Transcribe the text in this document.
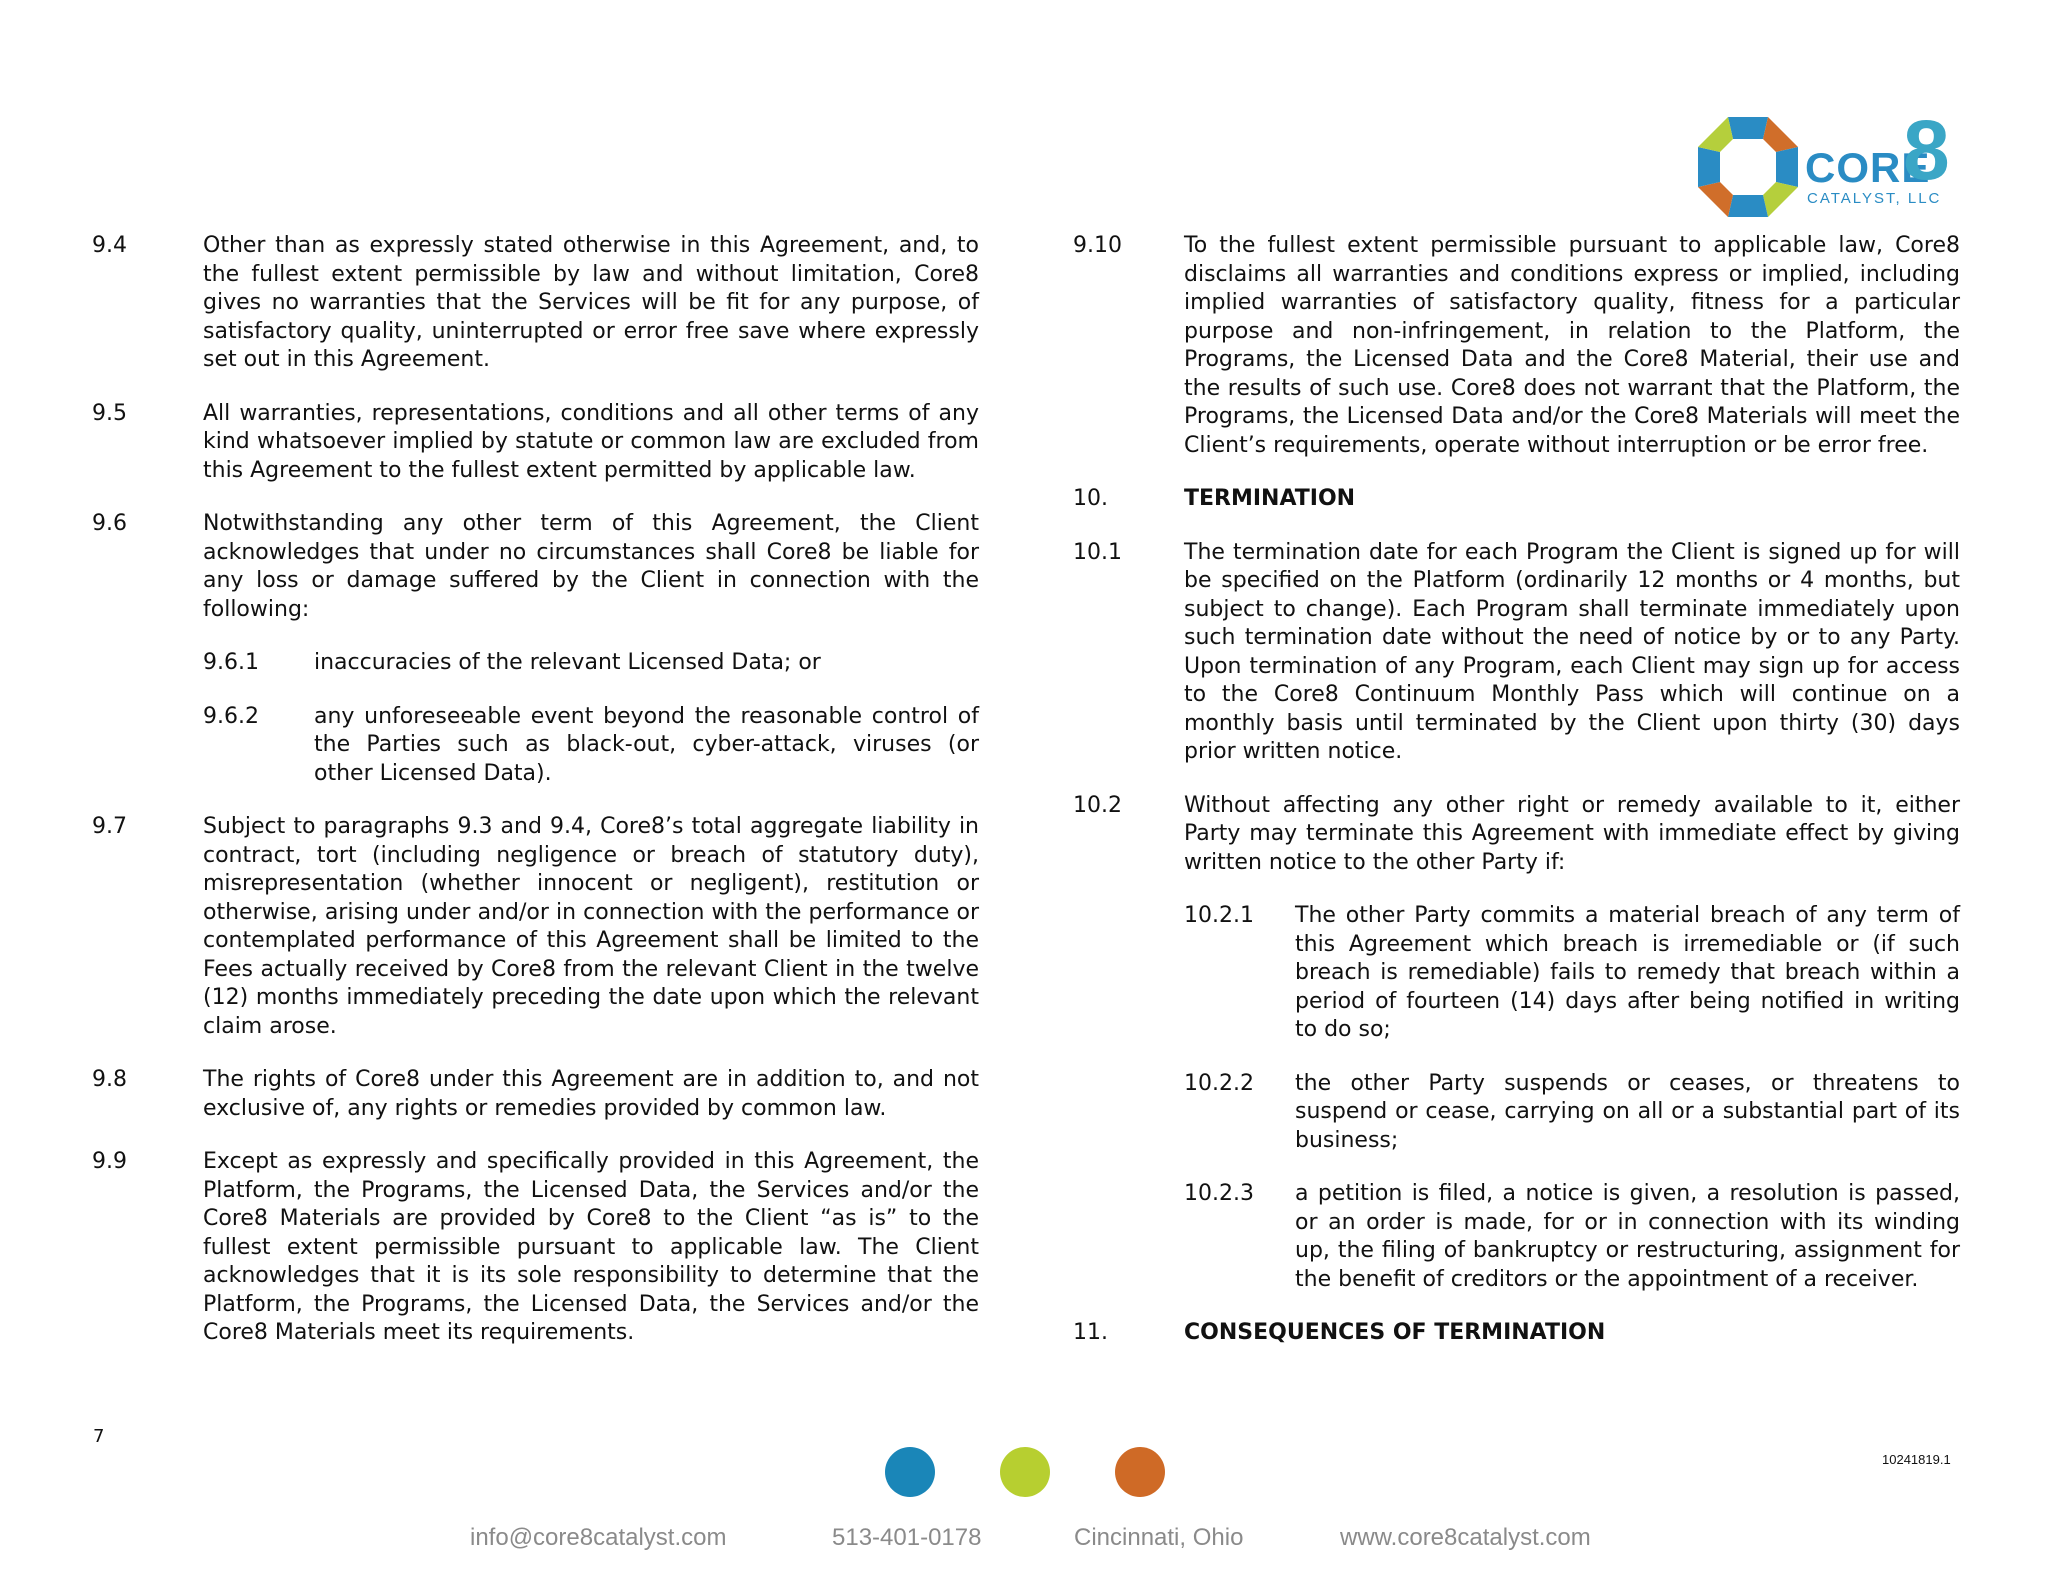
CORE
8
CATALYST, LLC
9.4	Other than as expressly stated otherwise in this Agreement, and, to the fullest extent permissible by law and without limitation, Core8 gives no warranties that the Services will be fit for any purpose, of satisfactory quality, uninterrupted or error free save where expressly set out in this Agreement.
9.5	All warranties, representations, conditions and all other terms of any kind whatsoever implied by statute or common law are excluded from this Agreement to the fullest extent permitted by applicable law.
9.6	Notwithstanding any other term of this Agreement, the Client acknowledges that under no circumstances shall Core8 be liable for any loss or damage suffered by the Client in connection with the following:
9.6.1	inaccuracies of the relevant Licensed Data; or
9.6.2	any unforeseeable event beyond the reasonable control of the Parties such as black-out, cyber-attack, viruses (or other Licensed Data).
9.7	Subject to paragraphs 9.3 and 9.4, Core8’s total aggregate liability in contract, tort (including negligence or breach of statutory duty), misrepresentation (whether innocent or negligent), restitution or otherwise, arising under and/or in connection with the performance or contemplated performance of this Agreement shall be limited to the Fees actually received by Core8 from the relevant Client in the twelve (12) months immediately preceding the date upon which the relevant claim arose.
9.8	The rights of Core8 under this Agreement are in addition to, and not exclusive of, any rights or remedies provided by common law.
9.9	Except as expressly and specifically provided in this Agreement, the Platform, the Programs, the Licensed Data, the Services and/or the Core8 Materials are provided by Core8 to the Client “as is” to the fullest extent permissible pursuant to applicable law. The Client acknowledges that it is its sole responsibility to determine that the Platform, the Programs, the Licensed Data, the Services and/or the Core8 Materials meet its requirements.
9.10	To the fullest extent permissible pursuant to applicable law, Core8 disclaims all warranties and conditions express or implied, including implied warranties of satisfactory quality, fitness for a particular purpose and non-infringement, in relation to the Platform, the Programs, the Licensed Data and the Core8 Material, their use and the results of such use. Core8 does not warrant that the Platform, the Programs, the Licensed Data and/or the Core8 Materials will meet the Client’s requirements, operate without interruption or be error free.
10.	TERMINATION
10.1	The termination date for each Program the Client is signed up for will be specified on the Platform (ordinarily 12 months or 4 months, but subject to change). Each Program shall terminate immediately upon such termination date without the need of notice by or to any Party. Upon termination of any Program, each Client may sign up for access to the Core8 Continuum Monthly Pass which will continue on a monthly basis until terminated by the Client upon thirty (30) days prior written notice.
10.2	Without affecting any other right or remedy available to it, either Party may terminate this Agreement with immediate effect by giving written notice to the other Party if:
10.2.1	The other Party commits a material breach of any term of this Agreement which breach is irremediable or (if such breach is remediable) fails to remedy that breach within a period of fourteen (14) days after being notified in writing to do so;
10.2.2	the other Party suspends or ceases, or threatens to suspend or cease, carrying on all or a substantial part of its business;
10.2.3	a petition is filed, a notice is given, a resolution is passed, or an order is made, for or in connection with its winding up, the filing of bankruptcy or restructuring, assignment for the benefit of creditors or the appointment of a receiver.
11.	CONSEQUENCES OF TERMINATION
7
10241819.1
info@core8catalyst.com	513-401-0178	Cincinnati, Ohio	www.core8catalyst.com
